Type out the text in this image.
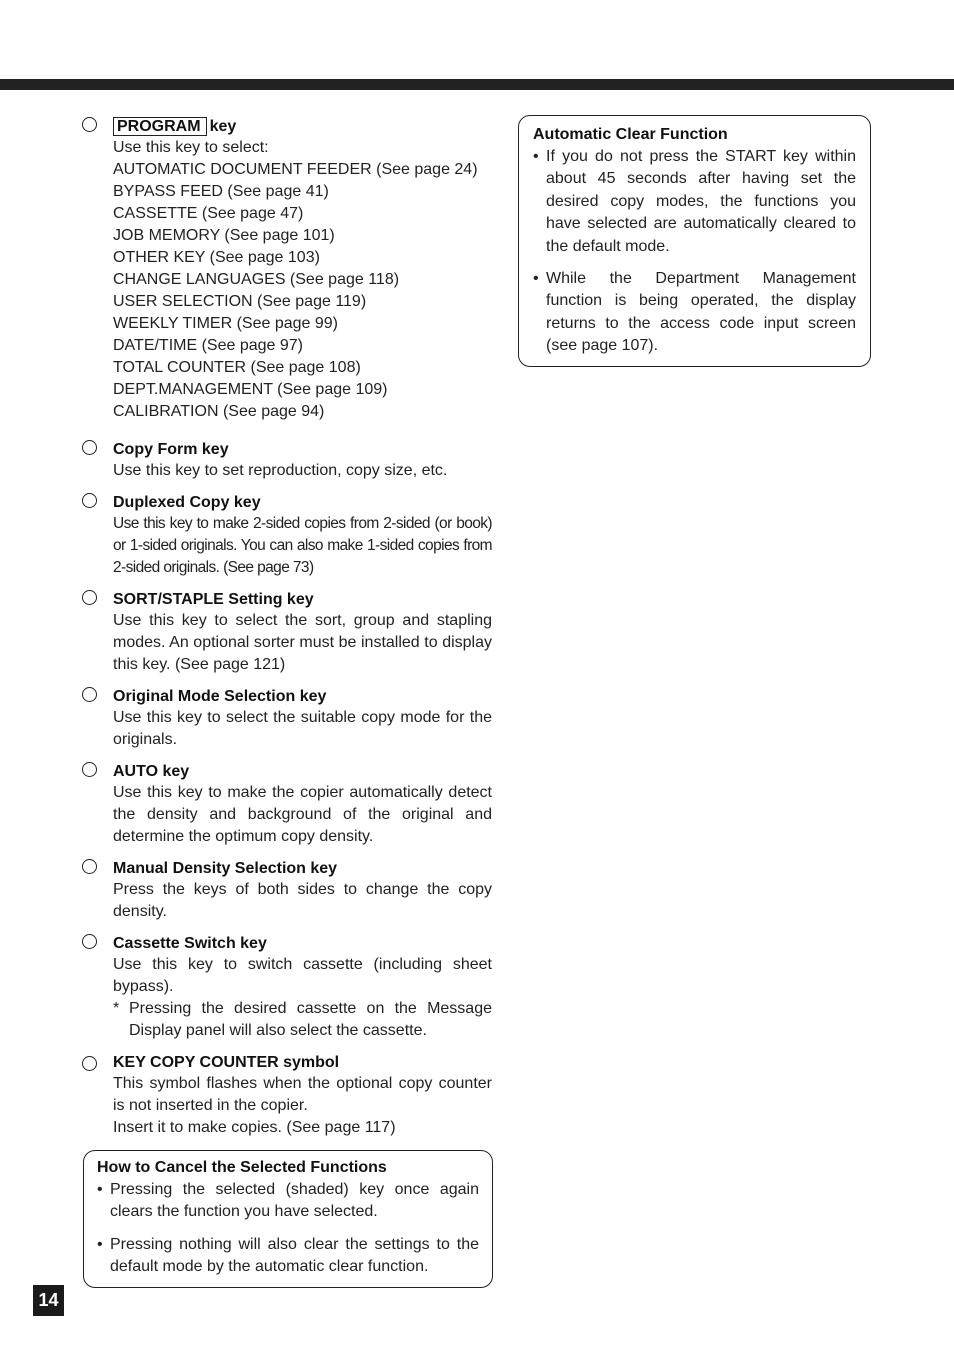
PROGRAM key
Use this key to select:
AUTOMATIC DOCUMENT FEEDER (See page 24)
BYPASS FEED (See page 41)
CASSETTE (See page 47)
JOB MEMORY (See page 101)
OTHER KEY (See page 103)
CHANGE LANGUAGES (See page 118)
USER SELECTION (See page 119)
WEEKLY TIMER (See page 99)
DATE/TIME (See page 97)
TOTAL COUNTER (See page 108)
DEPT.MANAGEMENT (See page 109)
CALIBRATION (See page 94)
Copy Form key
Use this key to set reproduction, copy size, etc.
Duplexed Copy key
Use this key to make 2-sided copies from 2-sided (or book) or 1-sided originals. You can also make 1-sided copies from 2-sided originals. (See page 73)
SORT/STAPLE Setting key
Use this key to select the sort, group and stapling modes. An optional sorter must be installed to display this key. (See page 121)
Original Mode Selection key
Use this key to select the suitable copy mode for the originals.
AUTO key
Use this key to make the copier automatically detect the density and background of the original and determine the optimum copy density.
Manual Density Selection key
Press the keys of both sides to change the copy density.
Cassette Switch key
Use this key to switch cassette (including sheet bypass).
* Pressing the desired cassette on the Message Display panel will also select the cassette.
KEY COPY COUNTER symbol
This symbol flashes when the optional copy counter is not inserted in the copier.
Insert it to make copies. (See page 117)
How to Cancel the Selected Functions
• Pressing the selected (shaded) key once again clears the function you have selected.
• Pressing nothing will also clear the settings to the default mode by the automatic clear function.
Automatic Clear Function
• If you do not press the START key within about 45 seconds after having set the desired copy modes, the functions you have selected are automatically cleared to the default mode.
• While the Department Management function is being operated, the display returns to the access code input screen (see page 107).
14
